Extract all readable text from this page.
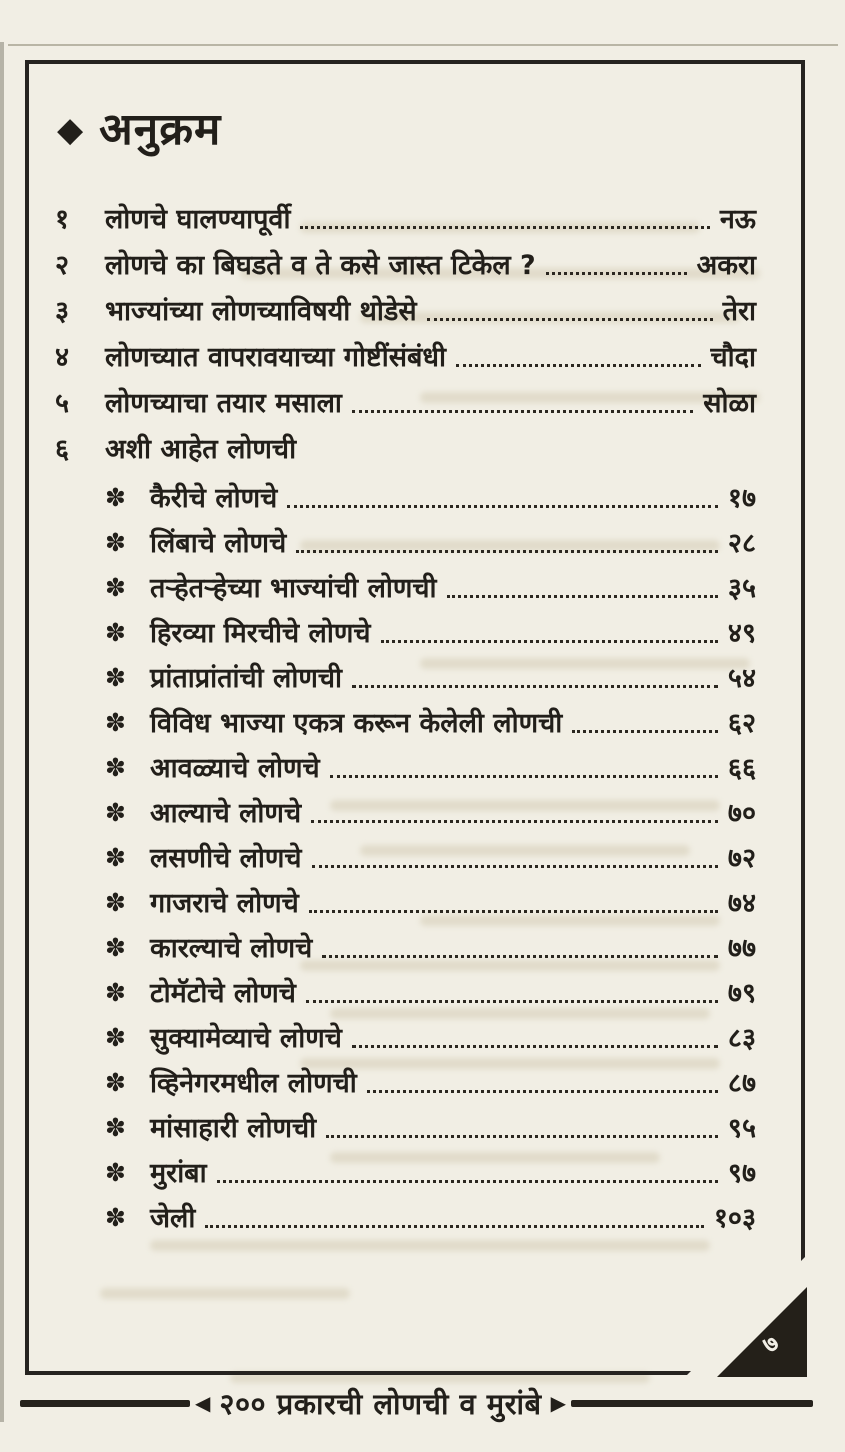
◆ अनुक्रम
१	लोणचे घालण्यापूर्वी	नऊ
२	लोणचे का बिघडते व ते कसे जास्त टिकेल ?	अकरा
३	भाज्यांच्या लोणच्याविषयी थोडेसे	तेरा
४	लोणच्यात वापरावयाच्या गोष्टींसंबंधी	चौदा
५	लोणच्याचा तयार मसाला	सोळा
६	अशी आहेत लोणची
✽ कैरीचे लोणचे	१७
✽ लिंबाचे लोणचे	२८
✽ तऱ्हेतऱ्हेच्या भाज्यांची लोणची	३५
✽ हिरव्या मिरचीचे लोणचे	४९
✽ प्रांताप्रांतांची लोणची	५४
✽ विविध भाज्या एकत्र करून केलेली लोणची	६२
✽ आवळ्याचे लोणचे	६६
✽ आल्याचे लोणचे	७०
✽ लसणीचे लोणचे	७२
✽ गाजराचे लोणचे	७४
✽ कारल्याचे लोणचे	७७
✽ टोमॅटोचे लोणचे	७९
✽ सुक्यामेव्याचे लोणचे	८३
✽ व्हिनेगरमधील लोणची	८७
✽ मांसाहारी लोणची	९५
✽ मुरांबा	९७
✽ जेली	१०३
७
◀ २०० प्रकारची लोणची व मुरांबे ▶
